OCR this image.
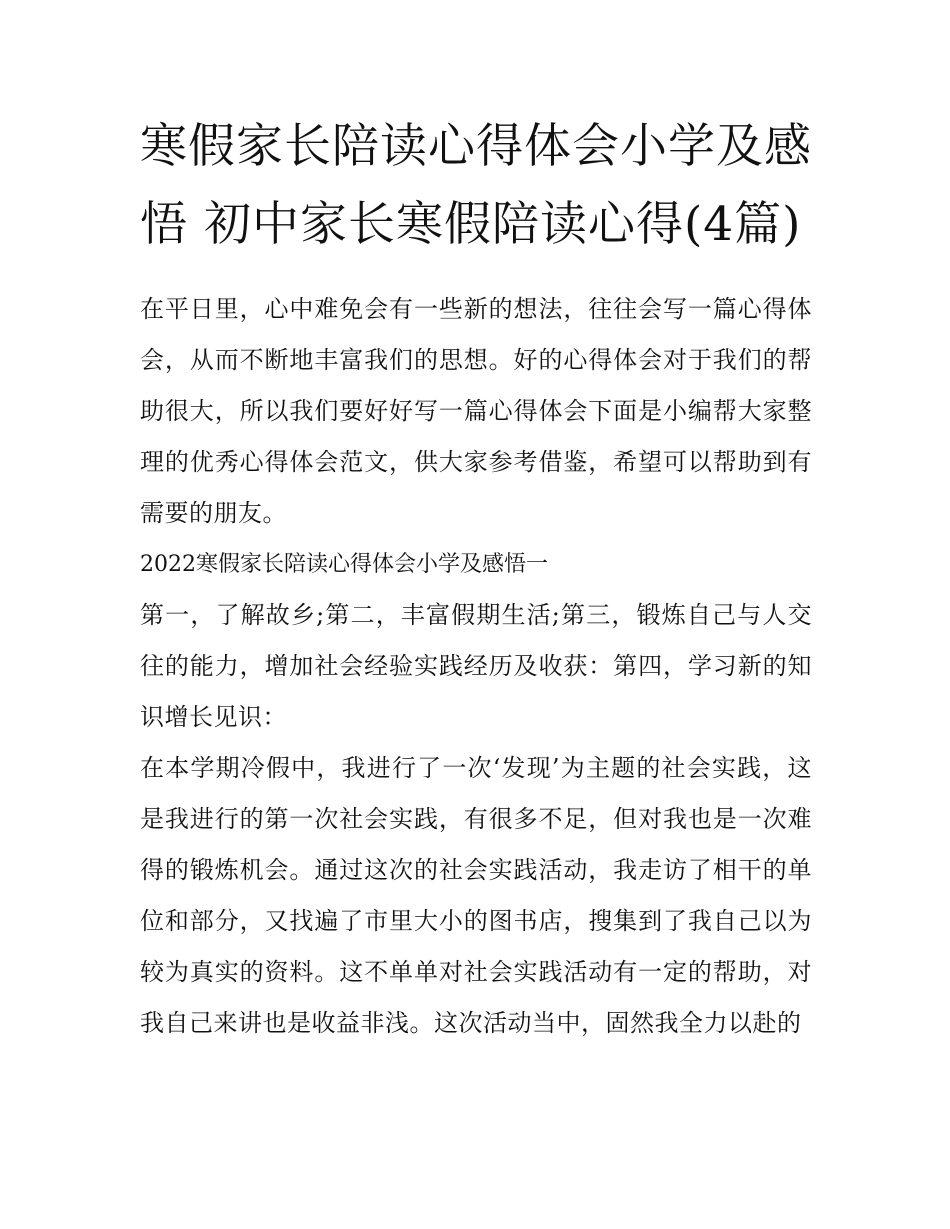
寒假家长陪读心得体会小学及感悟 初中家长寒假陪读心得(4篇)

在平日里，心中难免会有一些新的想法，往往会写一篇心得体会，从而不断地丰富我们的思想。好的心得体会对于我们的帮助很大，所以我们要好好写一篇心得体会下面是小编帮大家整理的优秀心得体会范文，供大家参考借鉴，希望可以帮助到有需要的朋友。

2022寒假家长陪读心得体会小学及感悟一

第一，了解故乡;第二，丰富假期生活;第三，锻炼自己与人交往的能力，增加社会经验实践经历及收获：第四，学习新的知识增长见识：

在本学期冷假中，我进行了一次‘发现’为主题的社会实践，这是我进行的第一次社会实践，有很多不足，但对我也是一次难得的锻炼机会。通过这次的社会实践活动，我走访了相干的单位和部分，又找遍了市里大小的图书店，搜集到了我自己以为较为真实的资料。这不单单对社会实践活动有一定的帮助，对我自己来讲也是收益非浅。这次活动当中，固然我全力以赴的
